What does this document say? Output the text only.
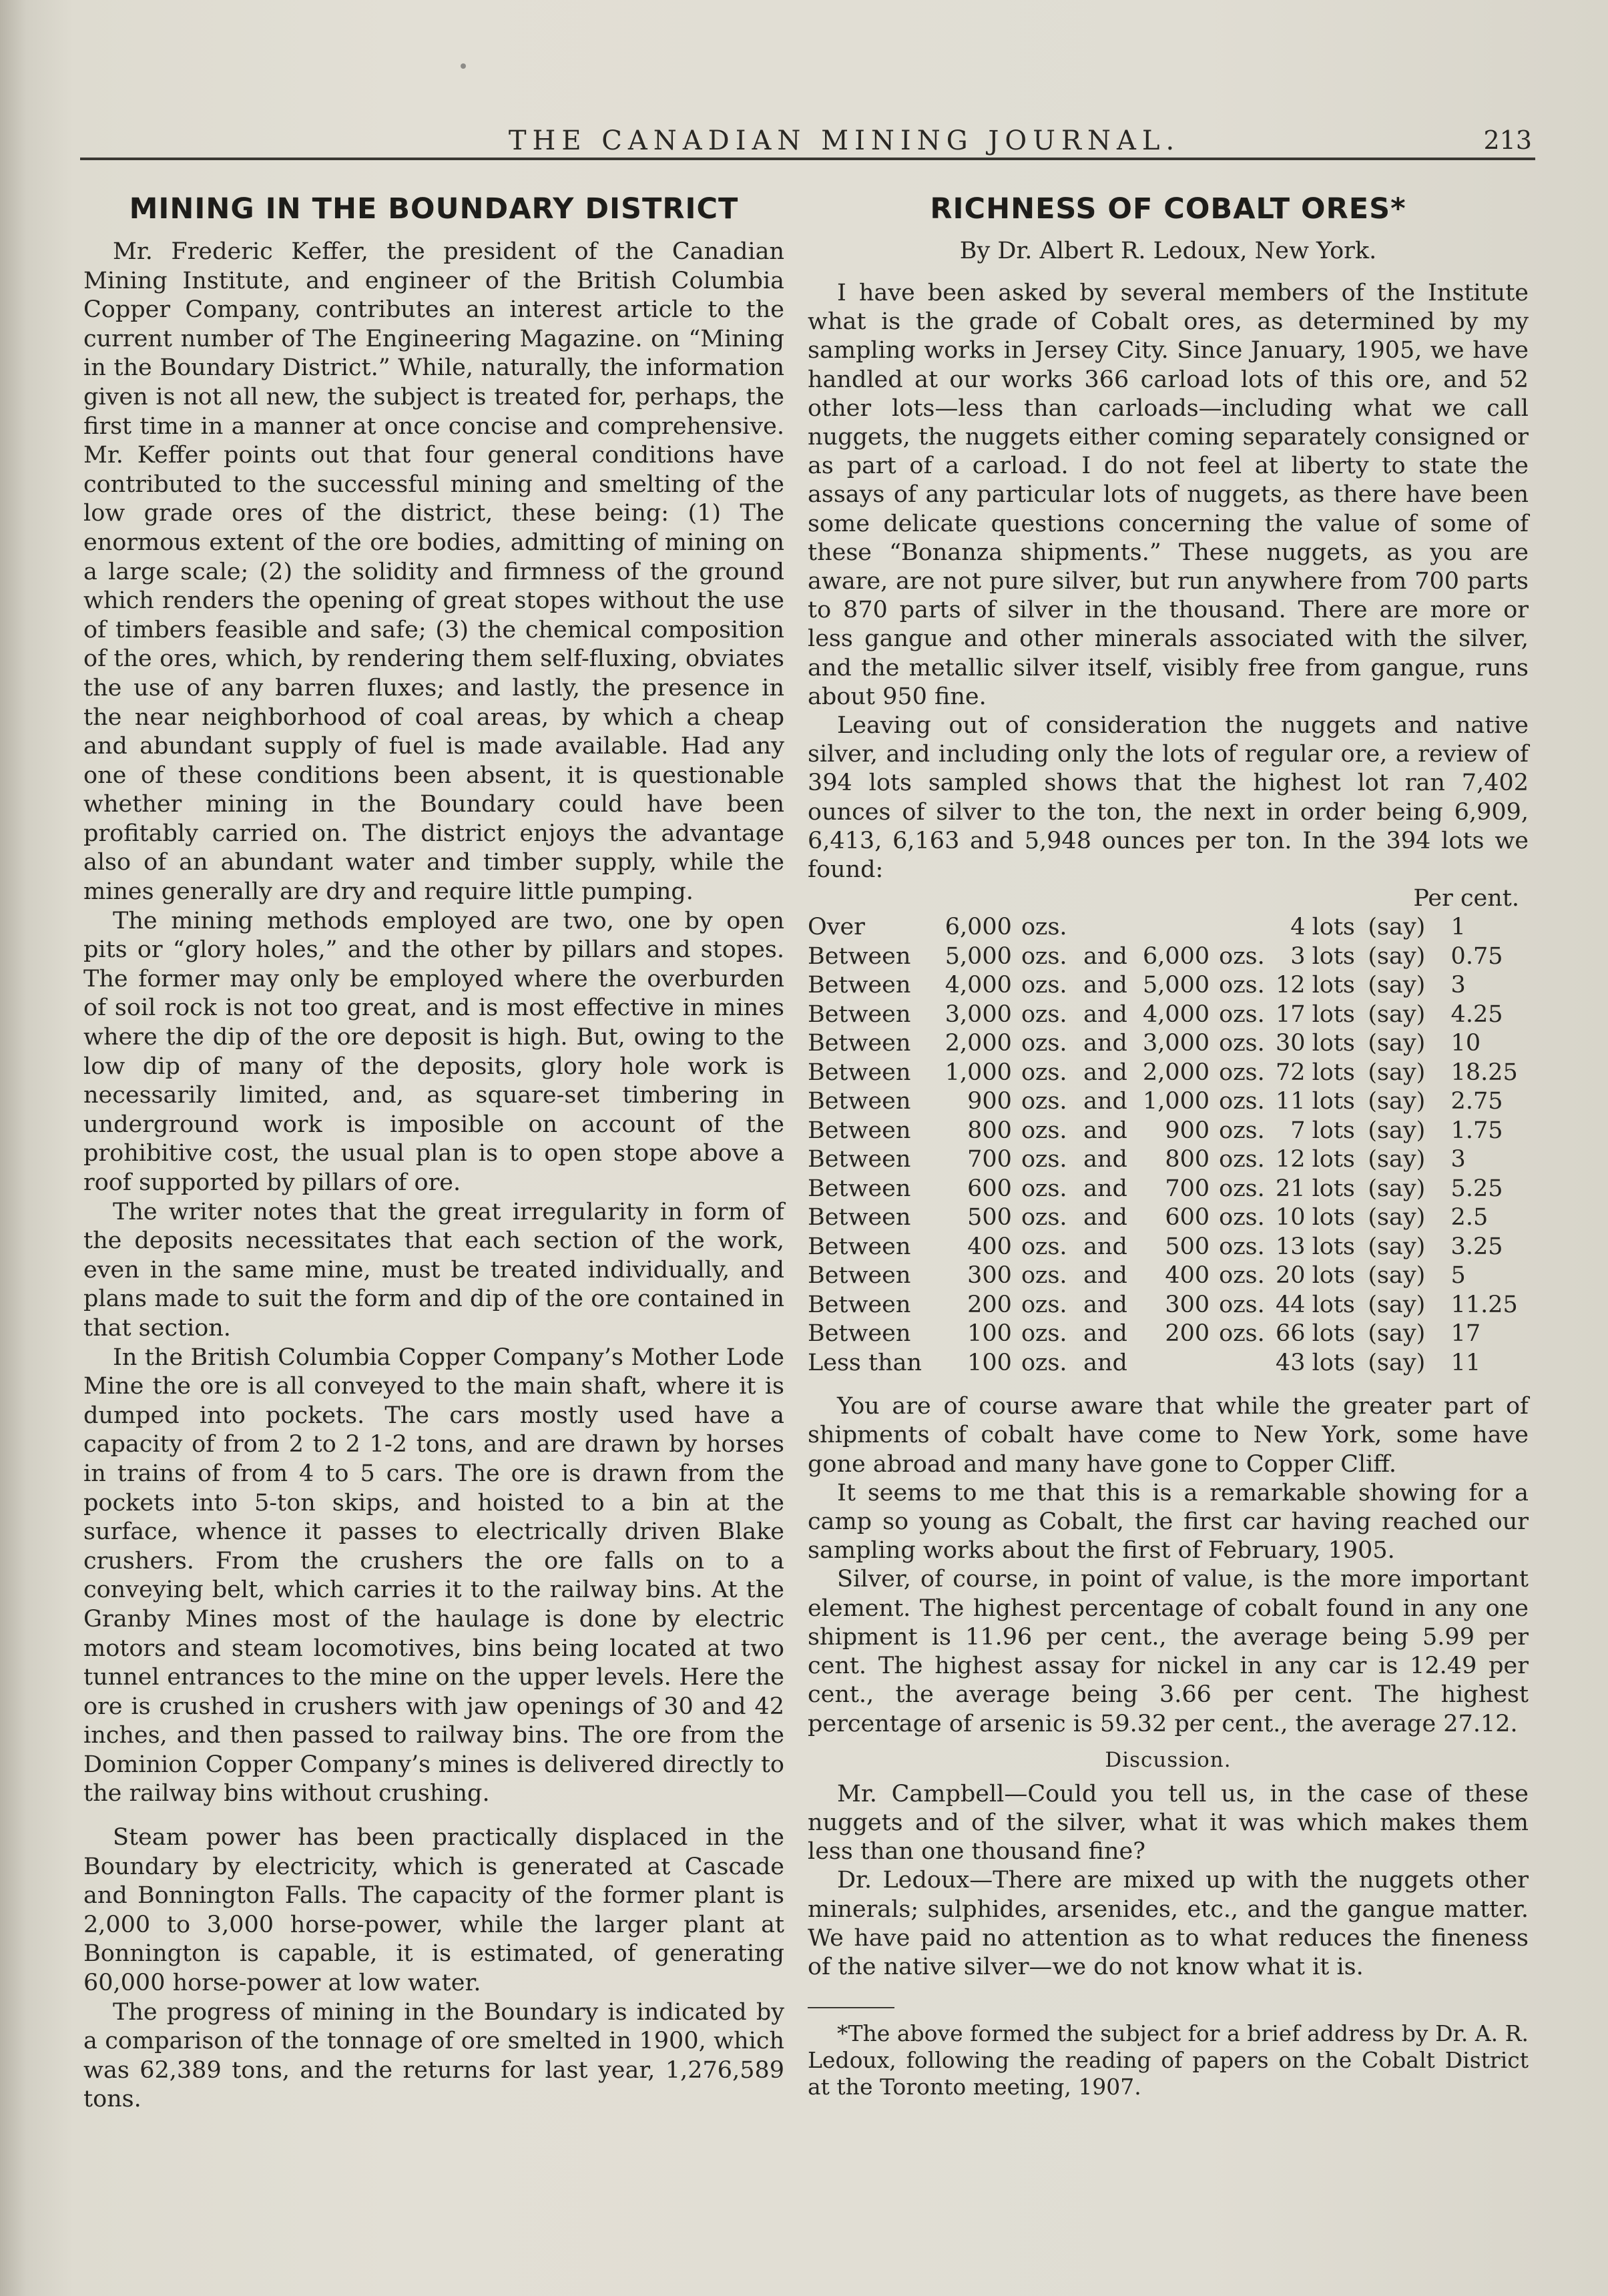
THE CANADIAN MINING JOURNAL.	213
MINING IN THE BOUNDARY DISTRICT

Mr. Frederic Keffer, the president of the Canadian Mining Institute, and engineer of the British Columbia Copper Company, contributes an interest article to the current number of The Engineering Magazine. on “Mining in the Boundary District.” While, naturally, the information given is not all new, the subject is treated for, perhaps, the first time in a manner at once concise and comprehensive. Mr. Keffer points out that four general conditions have contributed to the successful mining and smelting of the low grade ores of the district, these being: (1) The enormous extent of the ore bodies, admitting of mining on a large scale; (2) the solidity and firmness of the ground which renders the opening of great stopes without the use of timbers feasible and safe; (3) the chemical composition of the ores, which, by rendering them self-fluxing, obviates the use of any barren fluxes; and lastly, the presence in the near neighborhood of coal areas, by which a cheap and abundant supply of fuel is made available. Had any one of these conditions been absent, it is questionable whether mining in the Boundary could have been profitably carried on. The district enjoys the advantage also of an abundant water and timber supply, while the mines generally are dry and require little pumping.

The mining methods employed are two, one by open pits or “glory holes,” and the other by pillars and stopes. The former may only be employed where the overburden of soil rock is not too great, and is most effective in mines where the dip of the ore deposit is high. But, owing to the low dip of many of the deposits, glory hole work is necessarily limited, and, as square-set timbering in underground work is imposible on account of the prohibitive cost, the usual plan is to open stope above a roof supported by pillars of ore.

The writer notes that the great irregularity in form of the deposits necessitates that each section of the work, even in the same mine, must be treated individually, and plans made to suit the form and dip of the ore contained in that section.

In the British Columbia Copper Company’s Mother Lode Mine the ore is all conveyed to the main shaft, where it is dumped into pockets. The cars mostly used have a capacity of from 2 to 2 1-2 tons, and are drawn by horses in trains of from 4 to 5 cars. The ore is drawn from the pockets into 5-ton skips, and hoisted to a bin at the surface, whence it passes to electrically driven Blake crushers. From the crushers the ore falls on to a conveying belt, which carries it to the railway bins. At the Granby Mines most of the haulage is done by electric motors and steam locomotives, bins being located at two tunnel entrances to the mine on the upper levels. Here the ore is crushed in crushers with jaw openings of 30 and 42 inches, and then passed to railway bins. The ore from the Dominion Copper Company’s mines is delivered directly to the railway bins without crushing.

Steam power has been practically displaced in the Boundary by electricity, which is generated at Cascade and Bonnington Falls. The capacity of the former plant is 2,000 to 3,000 horse-power, while the larger plant at Bonnington is capable, it is estimated, of generating 60,000 horse-power at low water.

The progress of mining in the Boundary is indicated by a comparison of the tonnage of ore smelted in 1900, which was 62,389 tons, and the returns for last year, 1,276,589 tons.

RICHNESS OF COBALT ORES*
By Dr. Albert R. Ledoux, New York.

I have been asked by several members of the Institute what is the grade of Cobalt ores, as determined by my sampling works in Jersey City. Since January, 1905, we have handled at our works 366 carload lots of this ore, and 52 other lots—less than carloads—including what we call nuggets, the nuggets either coming separately consigned or as part of a carload. I do not feel at liberty to state the assays of any particular lots of nuggets, as there have been some delicate questions concerning the value of some of these “Bonanza shipments.” These nuggets, as you are aware, are not pure silver, but run anywhere from 700 parts to 870 parts of silver in the thousand. There are more or less gangue and other minerals associated with the silver, and the metallic silver itself, visibly free from gangue, runs about 950 fine.

Leaving out of consideration the nuggets and native silver, and including only the lots of regular ore, a review of 394 lots sampled shows that the highest lot ran 7,402 ounces of silver to the ton, the next in order being 6,909, 6,413, 6,163 and 5,948 ounces per ton. In the 394 lots we found:

Per cent.
Over	6,000	ozs.				4	lots	(say)	1
Between	5,000	ozs.	and	6,000	ozs.	3	lots	(say)	0.75
Between	4,000	ozs.	and	5,000	ozs.	12	lots	(say)	3
Between	3,000	ozs.	and	4,000	ozs.	17	lots	(say)	4.25
Between	2,000	ozs.	and	3,000	ozs.	30	lots	(say)	10
Between	1,000	ozs.	and	2,000	ozs.	72	lots	(say)	18.25
Between	900	ozs.	and	1,000	ozs.	11	lots	(say)	2.75
Between	800	ozs.	and	900	ozs.	7	lots	(say)	1.75
Between	700	ozs.	and	800	ozs.	12	lots	(say)	3
Between	600	ozs.	and	700	ozs.	21	lots	(say)	5.25
Between	500	ozs.	and	600	ozs.	10	lots	(say)	2.5
Between	400	ozs.	and	500	ozs.	13	lots	(say)	3.25
Between	300	ozs.	and	400	ozs.	20	lots	(say)	5
Between	200	ozs.	and	300	ozs.	44	lots	(say)	11.25
Between	100	ozs.	and	200	ozs.	66	lots	(say)	17
Less than	100	ozs.	and			43	lots	(say)	11

You are of course aware that while the greater part of shipments of cobalt have come to New York, some have gone abroad and many have gone to Copper Cliff.

It seems to me that this is a remarkable showing for a camp so young as Cobalt, the first car having reached our sampling works about the first of February, 1905.

Silver, of course, in point of value, is the more important element. The highest percentage of cobalt found in any one shipment is 11.96 per cent., the average being 5.99 per cent. The highest assay for nickel in any car is 12.49 per cent., the average being 3.66 per cent. The highest percentage of arsenic is 59.32 per cent., the average 27.12.

Discussion.

Mr. Campbell—Could you tell us, in the case of these nuggets and of the silver, what it was which makes them less than one thousand fine?

Dr. Ledoux—There are mixed up with the nuggets other minerals; sulphides, arsenides, etc., and the gangue matter. We have paid no attention as to what reduces the fineness of the native silver—we do not know what it is.

*The above formed the subject for a brief address by Dr. A. R. Ledoux, following the reading of papers on the Cobalt District at the Toronto meeting, 1907.
